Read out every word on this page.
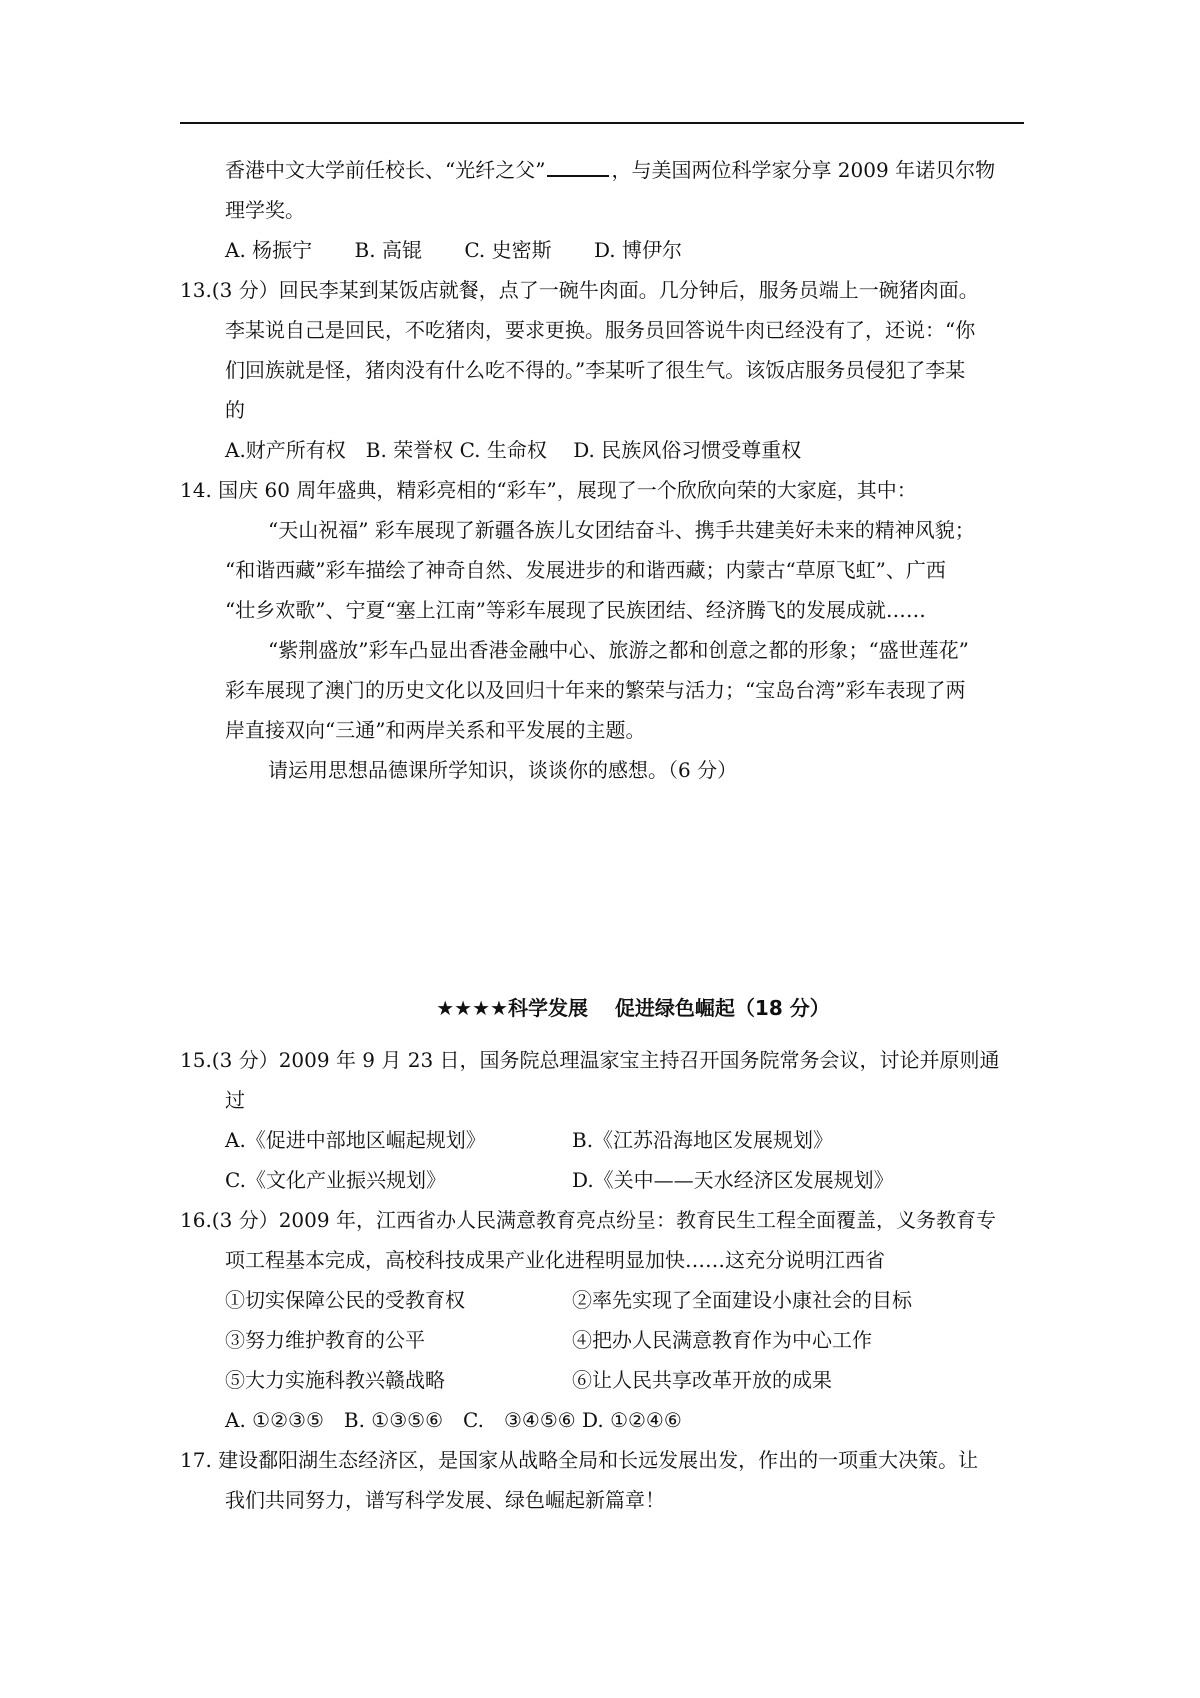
香港中文大学前任校长、“光纤之父”	，与美国两位科学家分享 2009 年诺贝尔物
理学奖。
A. 杨振宁 B. 高锟 C. 史密斯 D. 博伊尔
13.(3 分）回民李某到某饭店就餐，点了一碗牛肉面。几分钟后，服务员端上一碗猪肉面。
李某说自己是回民，不吃猪肉，要求更换。服务员回答说牛肉已经没有了，还说：“你
们回族就是怪，猪肉没有什么吃不得的。”李某听了很生气。该饭店服务员侵犯了李某
的
A.财产所有权　B. 荣誉权 C. 生命权　 D. 民族风俗习惯受尊重权
14. 国庆 60 周年盛典，精彩亮相的“彩车”，展现了一个欣欣向荣的大家庭，其中：
“天山祝福” 彩车展现了新疆各族儿女团结奋斗、携手共建美好未来的精神风貌；
“和谐西藏”彩车描绘了神奇自然、发展进步的和谐西藏；内蒙古“草原飞虹”、广西
“壮乡欢歌”、宁夏“塞上江南”等彩车展现了民族团结、经济腾飞的发展成就……
“紫荆盛放”彩车凸显出香港金融中心、旅游之都和创意之都的形象；“盛世莲花”
彩车展现了澳门的历史文化以及回归十年来的繁荣与活力；“宝岛台湾”彩车表现了两
岸直接双向“三通”和两岸关系和平发展的主题。
请运用思想品德课所学知识，谈谈你的感想。（6 分）
★★★★科学发展　 促进绿色崛起（18 分）
15.(3 分）2009 年 9 月 23 日，国务院总理温家宝主持召开国务院常务会议，讨论并原则通
过
A.《促进中部地区崛起规划》	B.《江苏沿海地区发展规划》
C.《文化产业振兴规划》	D.《关中——天水经济区发展规划》
16.(3 分）2009 年，江西省办人民满意教育亮点纷呈：教育民生工程全面覆盖，义务教育专
项工程基本完成，高校科技成果产业化进程明显加快……这充分说明江西省
①切实保障公民的受教育权	②率先实现了全面建设小康社会的目标
③努力维护教育的公平	④把办人民满意教育作为中心工作
⑤大力实施科教兴赣战略	⑥让人民共享改革开放的成果
A. ①②③⑤　B. ①③⑤⑥　C.　③④⑤⑥ D. ①②④⑥
17. 建设鄱阳湖生态经济区，是国家从战略全局和长远发展出发，作出的一项重大决策。让
我们共同努力，谱写科学发展、绿色崛起新篇章！
